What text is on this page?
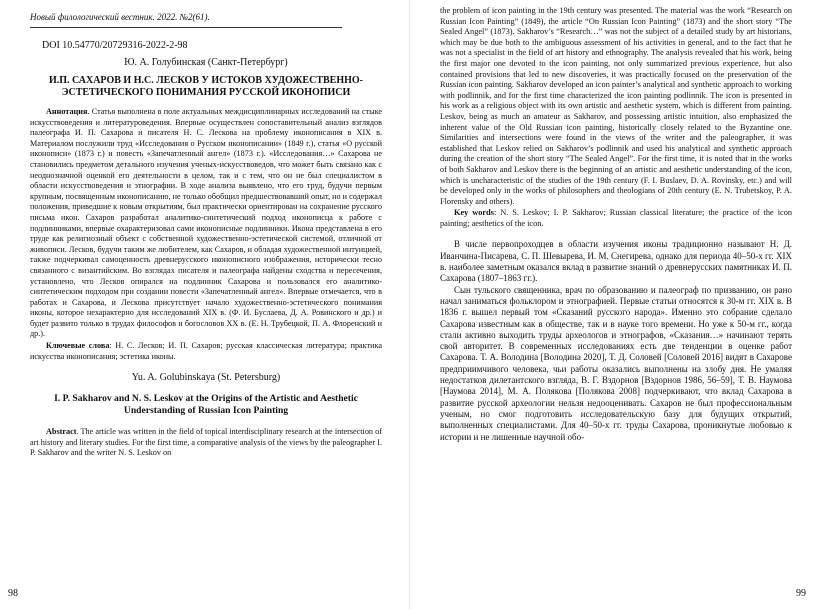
Новый филологический вестник. 2022. №2(61).
DOI 10.54770/20729316-2022-2-98
Ю. А. Голубинская (Санкт-Петербург)
И.П. САХАРОВ И Н.С. ЛЕСКОВ У ИСТОКОВ ХУДОЖЕСТВЕННО-ЭСТЕТИЧЕСКОГО ПОНИМАНИЯ РУССКОЙ ИКОНОПИСИ
Аннотация. Статья выполнена в поле актуальных междисциплинарных исследований на стыке искусствоведения и литературоведения. Впервые осуществлен сопоставительный анализ взглядов палеографа И. П. Сахарова и писателя Н. С. Лескова на проблему иконописания в XIX в. Материалом послужили труд «Исследования о Русском иконописании» (1849 г.), статья «О русской иконописи» (1873 г.) и повесть «Запечатленный ангел» (1873 г.). «Исследования…» Сахарова не становились предметом детального изучения ученых-искусствоведов, что может быть связано как с неоднозначной оценкой его деятельности в целом, так и с тем, что он не был специалистом в области искусствоведения и этнографии. В ходе анализа выявлено, что его труд, будучи первым крупным, посвященным иконописанию, не только обобщил предшествовавший опыт, но и содержал положения, приведшие к новым открытиям, был практически ориентирован на сохранение русского письма икон. Сахаров разработал аналитико-синтетический подход иконописца к работе с подлинниками, впервые охарактеризовал сами иконописные подлинники. Икона представлена в его труде как религиозный объект с собственной художественно-эстетической системой, отличной от живописи. Лесков, будучи таким же любителем, как Сахаров, и обладая художественной интуицией, также подчеркивал самоценность древнерусского иконописного изображения, исторически тесно связанного с византийским. Во взглядах писателя и палеографа найдены сходства и пересечения, установлено, что Лесков опирался на подлинник Сахарова и пользовался его аналитико-синтетическим подходом при создании повести «Запечатленный ангел». Впервые отмечается, что в работах и Сахарова, и Лескова присутствует начало художественно-эстетического понимания иконы, которое нехарактерно для исследований XIX в. (Ф. И. Буслаева, Д. А. Ровинского и др.) и будет развито только в трудах философов и богословов XX в. (Е. Н. Трубецкой, П. А. Флоренский и др.).
Ключевые слова: Н. С. Лесков; И. П. Сахаров; русская классическая литература; практика искусства иконописания; эстетика иконы.
Yu. A. Golubinskaya (St. Petersburg)
I. P. Sakharov and N. S. Leskov at the Origins of the Artistic and Aesthetic Understanding of Russian Icon Painting
Abstract. The article was written in the field of topical interdisciplinary research at the intersection of art history and literary studies. For the first time, a comparative analysis of the views by the paleographer I. P. Sakharov and the writer N. S. Leskov on
98
the problem of icon painting in the 19th century was presented. The material was the work “Research on Russian Icon Painting” (1849), the article “On Russian Icon Painting” (1873) and the short story “The Sealed Angel” (1873). Sakharov’s “Research…” was not the subject of a detailed study by art historians, which may be due both to the ambiguous assessment of his activities in general, and to the fact that he was not a specialist in the field of art history and ethnography. The analysis revealed that his work, being the first major one devoted to the icon painting, not only summarized previous experience, but also contained provisions that led to new discoveries, it was practically focused on the preservation of the Russian icon painting. Sakharov developed an icon painter’s analytical and synthetic approach to working with podlinnik, and for the first time characterized the icon painting podlinnik. The icon is presented in his work as a religious object with its own artistic and aesthetic system, which is different from painting. Leskov, being as much an amateur as Sakharov, and possessing artistic intuition, also emphasized the inherent value of the Old Russian icon painting, historically closely related to the Byzantine one. Similarities and intersections were found in the views of the writer and the paleographer, it was established that Leskov relied on Sakharov’s podlinnik and used his analytical and synthetic approach during the creation of the short story “The Sealed Angel”. For the first time, it is noted that in the works of both Sakharov and Leskov there is the beginning of an artistic and aesthetic understanding of the icon, which is uncharacteristic of the studies of the 19th century (F. I. Buslaev, D. A. Rovinsky, etc.) and will be developed only in the works of philosophers and theologians of 20th century (E. N. Trubetskoy, P. A. Florensky and others).
Key words: N. S. Leskov; I. P. Sakharov; Russian classical literature; the practice of the icon painting; aesthetics of the icon.
В числе первопроходцев в области изучения иконы традиционно называют Н. Д. Иванчина-Писарева, С. П. Шевырева, И. М. Снегирева, однако для периода 40–50-х гг. XIX в. наиболее заметным оказался вклад в развитие знаний о древнерусских памятниках И. П. Сахарова (1807–1863 гг.).
Сын тульского священника, врач по образованию и палеограф по призванию, он рано начал заниматься фольклором и этнографией. Первые статьи относятся к 30-м гг. XIX в. В 1836 г. вышел первый том «Сказаний русского народа». Именно это собрание сделало Сахарова известным как в обществе, так и в науке того времени. Но уже к 50-м гг., когда стали активно выходить труды археологов и этнографов, «Сказания…» начинают терять свой авторитет. В современных исследованиях есть две тенденции в оценке работ Сахарова. Т. А. Володина [Володина 2020], Т. Д. Соловей [Соловей 2016] видят в Сахарове предприимчивого человека, чьи работы оказались выполнены на злобу дня. Не умаляя недостатков дилетантского взгляда, В. Г. Вздорнов [Вздорнов 1986, 56–59], Т. В. Наумова [Наумова 2014], М. А. Полякова [Полякова 2008] подчеркивают, что вклад Сахарова в развитие русской археологии нельзя недооценивать. Сахаров не был профессиональным ученым, но смог подготовить исследовательскую базу для будущих открытий, выполненных специалистами. Для 40–50-х гг. труды Сахарова, проникнутые любовью к истории и не лишенные научной обо-
99
